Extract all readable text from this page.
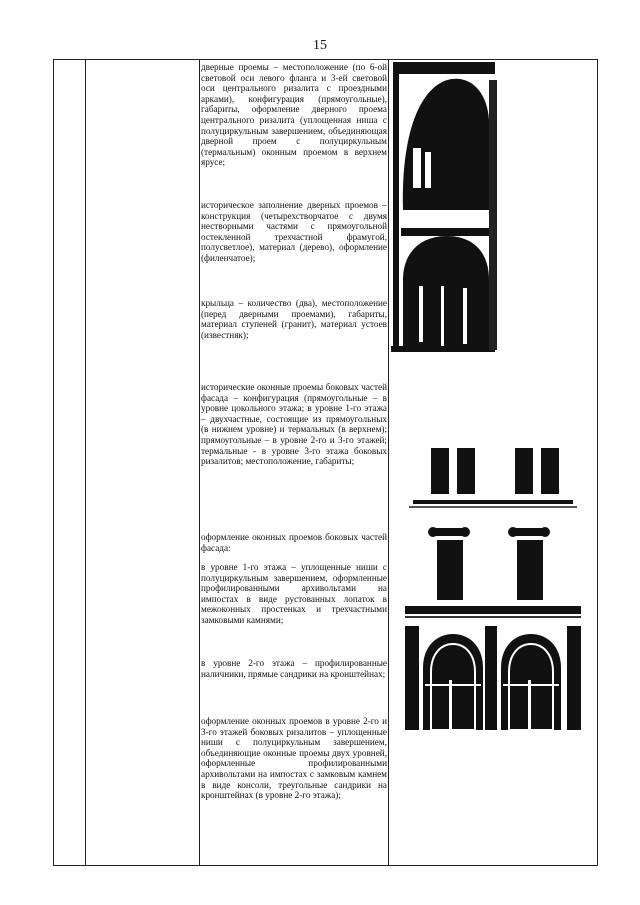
15
дверные проемы – местоположение (по 6-ой световой оси левого фланга и 3-ей световой оси центрального ризалита с проездными арками), конфигурация (прямоугольные), габариты, оформление дверного проема центрального ризалита (уплощенная ниша с полуциркульным завершением, объединяющая дверной проем с полуциркульным (термальным) оконным проемом в верхнем ярусе;
историческое заполнение дверных проемов – конструкция (четырехстворчатое с двумя нестворными частями с прямоугольной остекленной трехчастной фрамугой, полусветлое), материал (дерево), оформление (филенчатое);
крыльца – количество (два), местоположение (перед дверными проемами), габариты, материал ступеней (гранит), материал устоев (известняк);
исторические оконные проемы боковых частей фасада – конфигурация (прямоугольные – в уровне цокольного этажа; в уровне 1-го этажа – двухчастные, состоящие из прямоугольных (в нижнем уровне) и термальных (в верхнем); прямоугольные – в уровне 2-го и 3-го этажей; термальные - в уровне 3-го этажа боковых ризалитов; местоположение, габариты;
оформление оконных проемов боковых частей фасада:
в уровне 1-го этажа – уплощенные ниши с полуциркульным завершением, оформленные профилированными архивольтами на импостах в виде рустованных лопаток в межоконных простенках и трехчастными замковыми камнями;
в уровне 2-го этажа – профилированные наличники, прямые сандрики на кронштейнах;
оформление оконных проемов в уровне 2-го и 3-го этажей боковых ризалитов – уплощенные ниши с полуциркульным завершением, объединяющие оконные проемы двух уровней, оформленные профилированными архивольтами на импостах с замковым камнем в виде консоли, треугольные сандрики на кронштейнах (в уровне 2-го этажа);
